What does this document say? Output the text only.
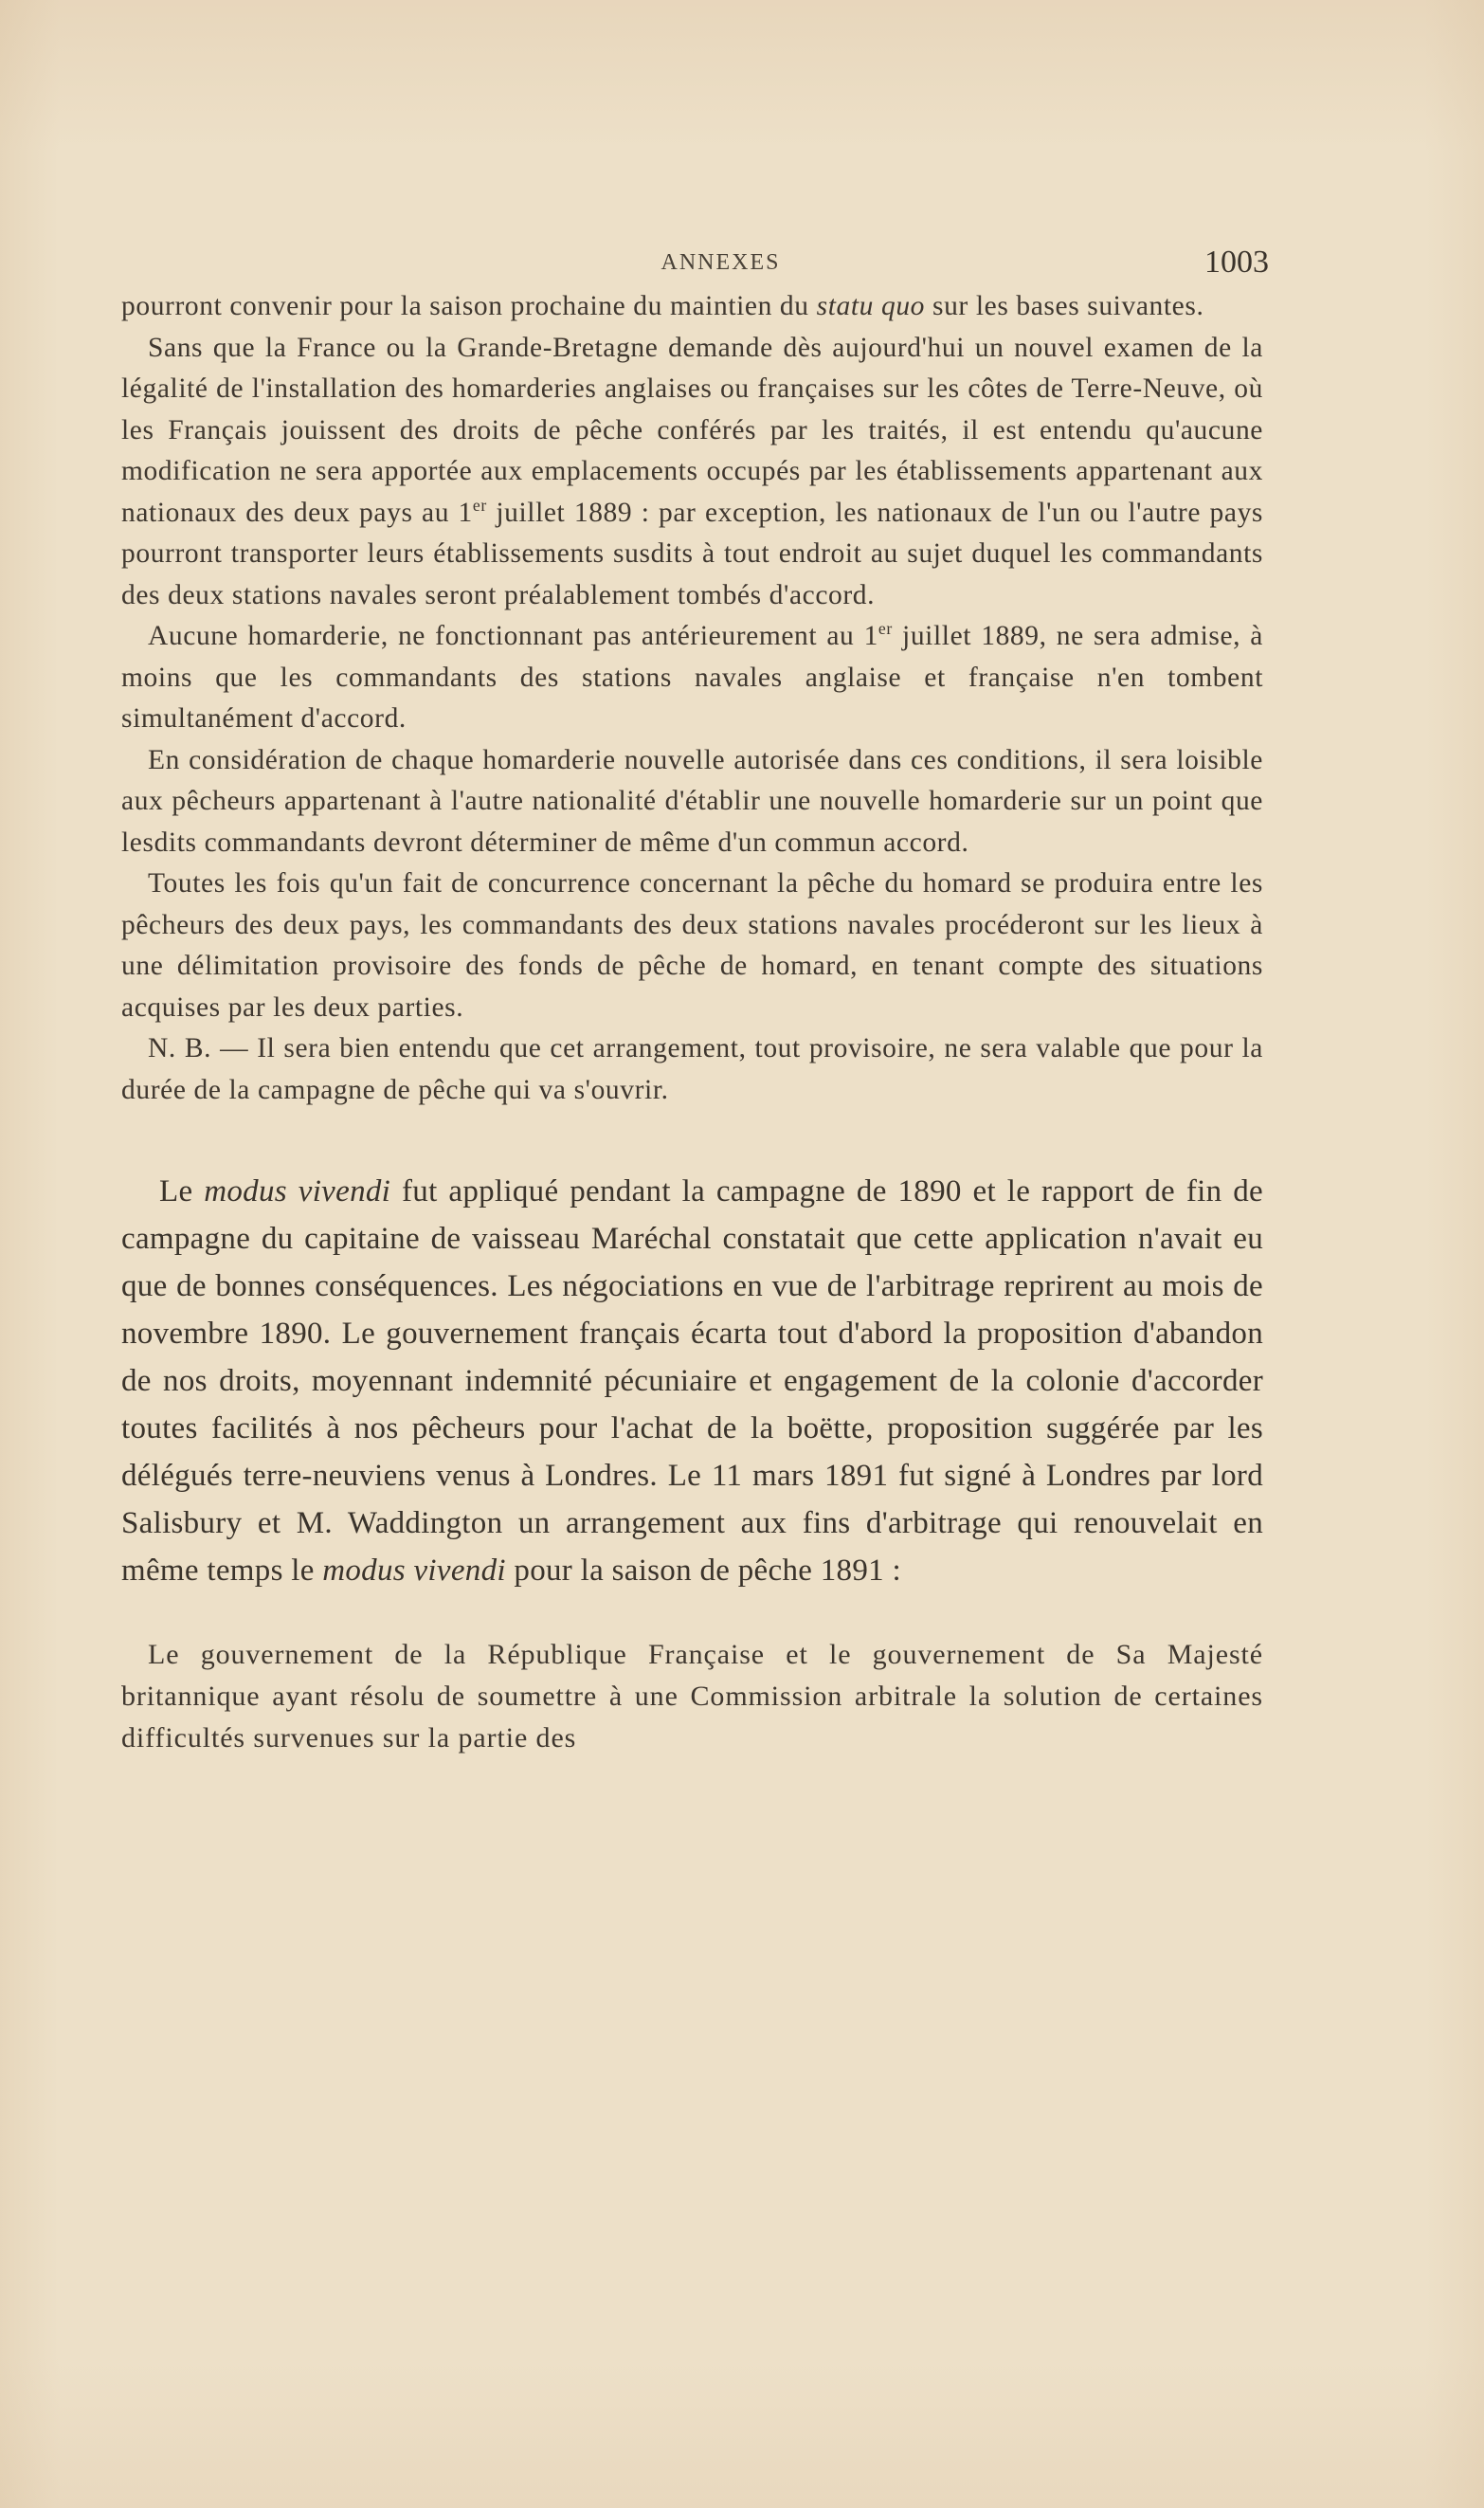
ANNEXES	1003

pourront convenir pour la saison prochaine du maintien du statu quo sur les bases suivantes.

Sans que la France ou la Grande-Bretagne demande dès aujourd'hui un nouvel examen de la légalité de l'installation des homarderies anglaises ou françaises sur les côtes de Terre-Neuve, où les Français jouissent des droits de pêche conférés par les traités, il est entendu qu'aucune modification ne sera apportée aux emplacements occupés par les établissements appartenant aux nationaux des deux pays au 1er juillet 1889 : par exception, les nationaux de l'un ou l'autre pays pourront transporter leurs établissements susdits à tout endroit au sujet duquel les commandants des deux stations navales seront préalablement tombés d'accord.

Aucune homarderie, ne fonctionnant pas antérieurement au 1er juillet 1889, ne sera admise, à moins que les commandants des stations navales anglaise et française n'en tombent simultanément d'accord.

En considération de chaque homarderie nouvelle autorisée dans ces conditions, il sera loisible aux pêcheurs appartenant à l'autre nationalité d'établir une nouvelle homarderie sur un point que lesdits commandants devront déterminer de même d'un commun accord.

Toutes les fois qu'un fait de concurrence concernant la pêche du homard se produira entre les pêcheurs des deux pays, les commandants des deux stations navales procéderont sur les lieux à une délimitation provisoire des fonds de pêche de homard, en tenant compte des situations acquises par les deux parties.

N. B. — Il sera bien entendu que cet arrangement, tout provisoire, ne sera valable que pour la durée de la campagne de pêche qui va s'ouvrir.

Le modus vivendi fut appliqué pendant la campagne de 1890 et le rapport de fin de campagne du capitaine de vaisseau Maréchal constatait que cette application n'avait eu que de bonnes conséquences. Les négociations en vue de l'arbitrage reprirent au mois de novembre 1890. Le gouvernement français écarta tout d'abord la proposition d'abandon de nos droits, moyennant indemnité pécuniaire et engagement de la colonie d'accorder toutes facilités à nos pêcheurs pour l'achat de la boëtte, proposition suggérée par les délégués terre-neuviens venus à Londres. Le 11 mars 1891 fut signé à Londres par lord Salisbury et M. Waddington un arrangement aux fins d'arbitrage qui renouvelait en même temps le modus vivendi pour la saison de pêche 1891 :

Le gouvernement de la République Française et le gouvernement de Sa Majesté britannique ayant résolu de soumettre à une Commission arbitrale la solution de certaines difficultés survenues sur la partie des
